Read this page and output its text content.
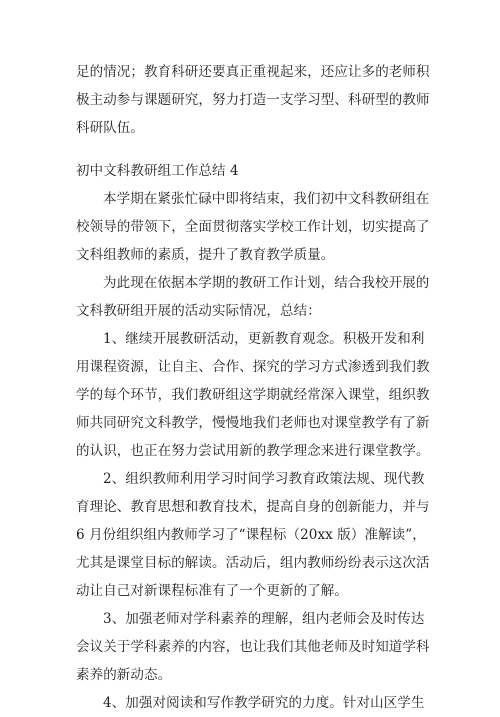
足的情况；教育科研还要真正重视起来，还应让多的老师积
极主动参与课题研究，努力打造一支学习型、科研型的教师
科研队伍。
初中文科教研组工作总结 4
本学期在紧张忙碌中即将结束，我们初中文科教研组在
校领导的带领下，全面贯彻落实学校工作计划，切实提高了
文科组教师的素质，提升了教育教学质量。
为此现在依据本学期的教研工作计划，结合我校开展的
文科教研组开展的活动实际情况，总结：
1、继续开展教研活动，更新教育观念。积极开发和利
用课程资源，让自主、合作、探究的学习方式渗透到我们教
学的每个环节，我们教研组这学期就经常深入课堂，组织教
师共同研究文科教学，慢慢地我们老师也对课堂教学有了新
的认识，也正在努力尝试用新的教学理念来进行课堂教学。
2、组织教师利用学习时间学习教育政策法规、现代教
育理论、教育思想和教育技术，提高自身的创新能力，并与
6 月份组织组内教师学习了“课程标（20xx 版）准解读”，
尤其是课堂目标的解读。活动后，组内教师纷纷表示这次活
动让自己对新课程标准有了一个更新的了解。
3、加强老师对学科素养的理解，组内老师会及时传达
会议关于学科素养的内容，也让我们其他老师及时知道学科
素养的新动态。
4、加强对阅读和写作教学研究的力度。针对山区学生
